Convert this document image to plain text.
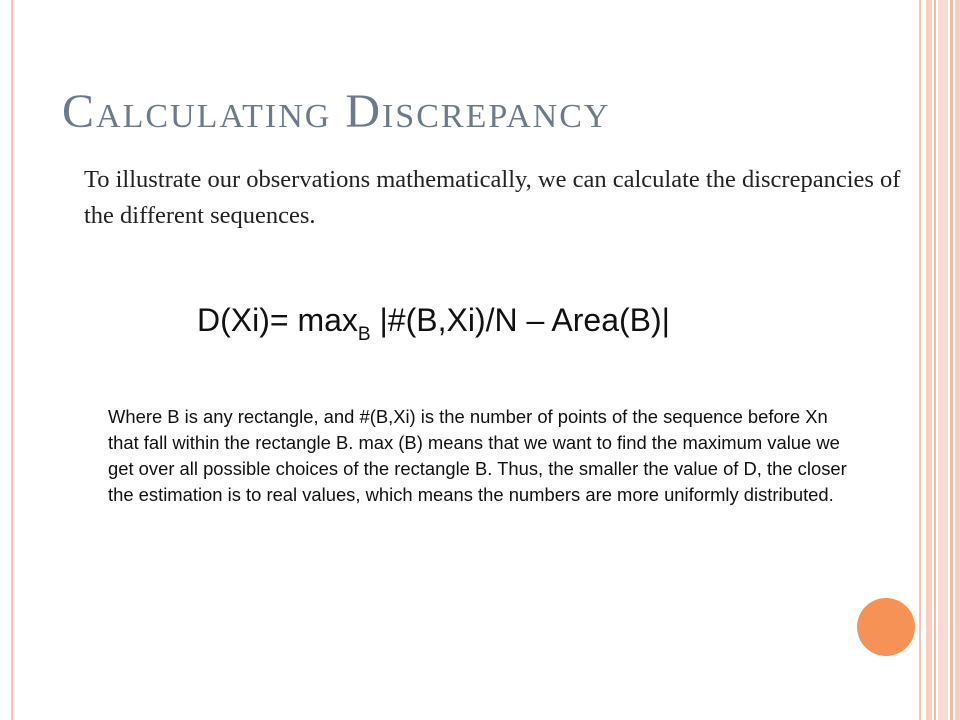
Calculating Discrepancy
To illustrate our observations mathematically, we can calculate the discrepancies of the different sequences.
$D(Xi)= \max_B$ |#(B,Xi)/N – Area(B)|
Where B is any rectangle, and #(B,Xi) is the number of points of the sequence before Xn that fall within the rectangle B. max (B) means that we want to find the maximum value we get over all possible choices of the rectangle B. Thus, the smaller the value of D, the closer the estimation is to real values, which means the numbers are more uniformly distributed.
